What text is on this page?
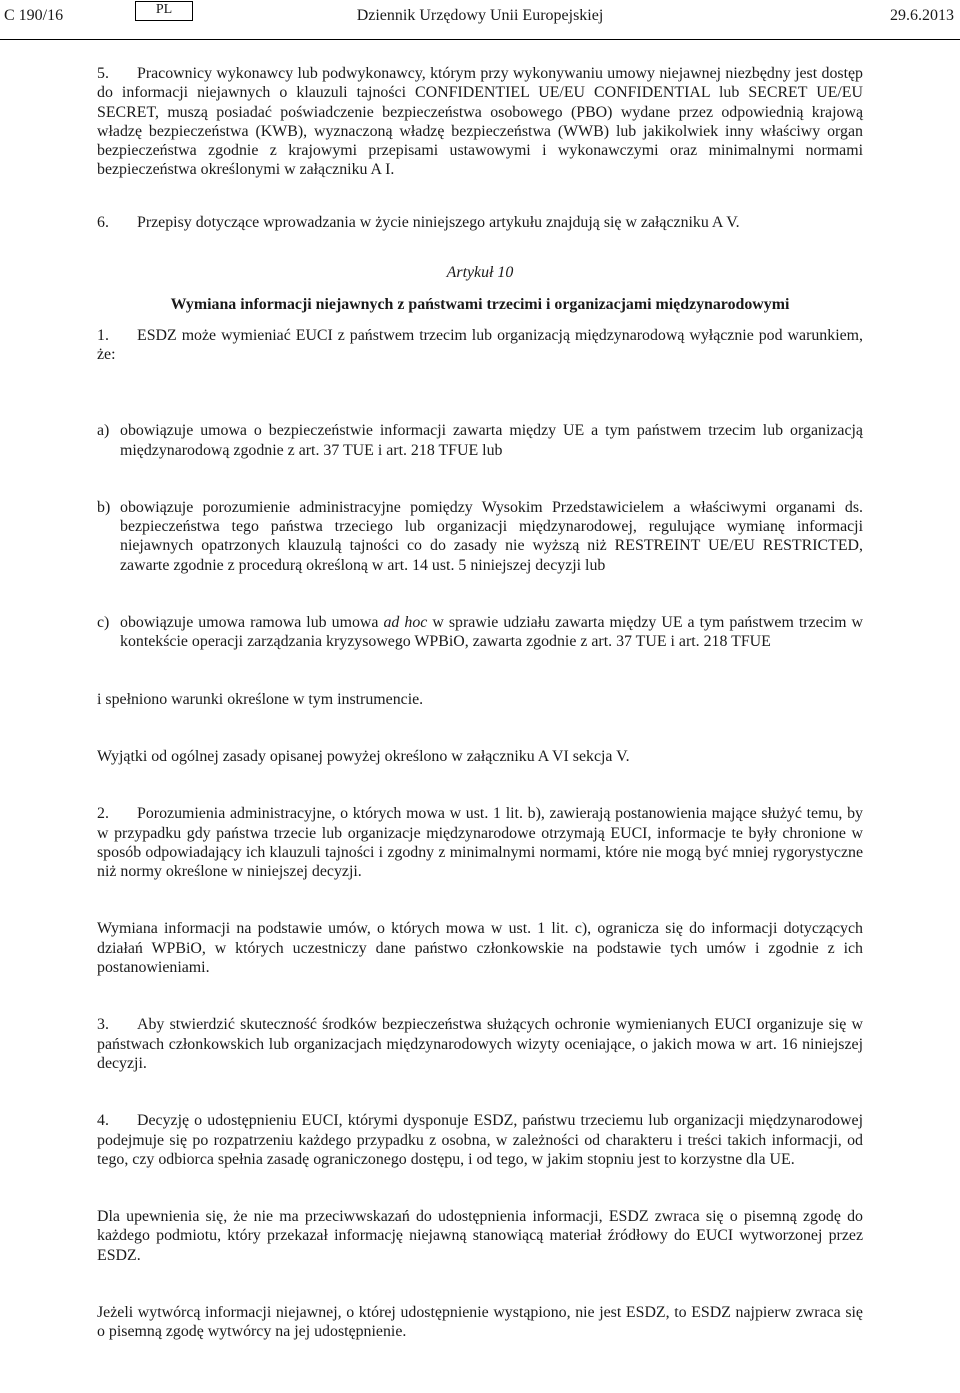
Dziennik Urzędowy Unii Europejskiej
C 190/16	PL	29.6.2013

5. Pracownicy wykonawcy lub podwykonawcy, którym przy wykonywaniu umowy niejawnej niezbędny jest dostęp do informacji niejawnych o klauzuli tajności CONFIDENTIEL UE/EU CONFIDENTIAL lub SECRET UE/EU SECRET, muszą posiadać poświadczenie bezpieczeństwa osobowego (PBO) wydane przez odpowiednią krajową władzę bezpieczeństwa (KWB), wyznaczoną władzę bezpieczeństwa (WWB) lub jakikolwiek inny właściwy organ bezpieczeństwa zgodnie z krajowymi przepisami ustawowymi i wykonawczymi oraz minimalnymi normami bezpieczeństwa określonymi w załączniku A I.

6. Przepisy dotyczące wprowadzania w życie niniejszego artykułu znajdują się w załączniku A V.

Artykuł 10
Wymiana informacji niejawnych z państwami trzecimi i organizacjami międzynarodowymi

1. ESDZ może wymieniać EUCI z państwem trzecim lub organizacją międzynarodową wyłącznie pod warunkiem, że:

a) obowiązuje umowa o bezpieczeństwie informacji zawarta między UE a tym państwem trzecim lub organizacją międzynarodową zgodnie z art. 37 TUE i art. 218 TFUE lub
b) obowiązuje porozumienie administracyjne pomiędzy Wysokim Przedstawicielem a właściwymi organami ds. bezpieczeństwa tego państwa trzeciego lub organizacji międzynarodowej, regulujące wymianę informacji niejawnych opatrzonych klauzulą tajności co do zasady nie wyższą niż RESTREINT UE/EU RESTRICTED, zawarte zgodnie z procedurą określoną w art. 14 ust. 5 niniejszej decyzji lub
c) obowiązuje umowa ramowa lub umowa ad hoc w sprawie udziału zawarta między UE a tym państwem trzecim w kontekście operacji zarządzania kryzysowego WPBiO, zawarta zgodnie z art. 37 TUE i art. 218 TFUE

i spełniono warunki określone w tym instrumencie.

Wyjątki od ogólnej zasady opisanej powyżej określono w załączniku A VI sekcja V.

2. Porozumienia administracyjne, o których mowa w ust. 1 lit. b), zawierają postanowienia mające służyć temu, by w przypadku gdy państwa trzecie lub organizacje międzynarodowe otrzymają EUCI, informacje te były chronione w sposób odpowiadający ich klauzuli tajności i zgodny z minimalnymi normami, które nie mogą być mniej rygorystyczne niż normy określone w niniejszej decyzji.

Wymiana informacji na podstawie umów, o których mowa w ust. 1 lit. c), ogranicza się do informacji dotyczących działań WPBiO, w których uczestniczy dane państwo członkowskie na podstawie tych umów i zgodnie z ich postanowieniami.

3. Aby stwierdzić skuteczność środków bezpieczeństwa służących ochronie wymienianych EUCI organizuje się w państwach członkowskich lub organizacjach międzynarodowych wizyty oceniające, o jakich mowa w art. 16 niniejszej decyzji.

4. Decyzję o udostępnieniu EUCI, którymi dysponuje ESDZ, państwu trzeciemu lub organizacji międzynarodowej podejmuje się po rozpatrzeniu każdego przypadku z osobna, w zależności od charakteru i treści takich informacji, od tego, czy odbiorca spełnia zasadę ograniczonego dostępu, i od tego, w jakim stopniu jest to korzystne dla UE.

Dla upewnienia się, że nie ma przeciwwskazań do udostępnienia informacji, ESDZ zwraca się o pisemną zgodę do każdego podmiotu, który przekazał informację niejawną stanowiącą materiał źródłowy do EUCI wytworzonej przez ESDZ.

Jeżeli wytwórcą informacji niejawnej, o której udostępnienie wystąpiono, nie jest ESDZ, to ESDZ najpierw zwraca się o pisemną zgodę wytwórcy na jej udostępnienie.
